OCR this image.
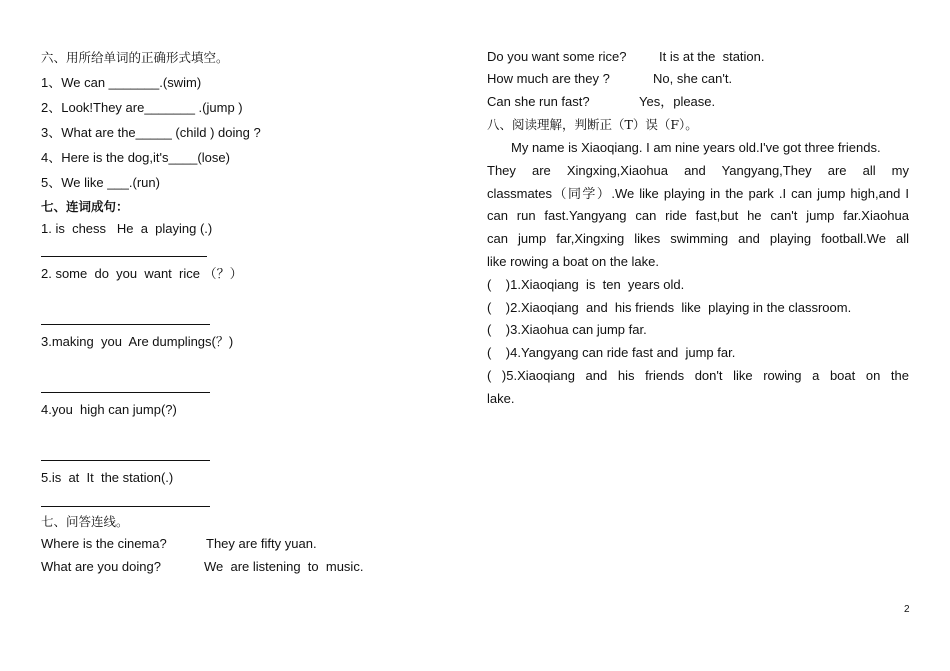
六、用所给单词的正确形式填空。
1、We can _______.(swim)
2、Look!They are_______ .(jump )
3、What are the_____ (child ) doing ?
4、Here is the dog,it's____(lose)
5、We like ___.(run)
七、连词成句：
1. is  chess   He  a  playing (.)
2. some  do  you  want  rice （？）
3.making  you  Are dumplings(？)
4.you  high can jump(?)
5.is  at  It  the station(.)
七、问答连线。
Where is the cinema?	They are fifty yuan.
What are you doing?	We  are listening  to  music.
Do you want some rice?	It is at the  station.
How much are they ?	No, she can't.
Can she run fast?	Yes，please.
八、阅读理解，判断正（T）误（F）。
My name is Xiaoqiang. I am nine years old.I've got three friends.
They are Xingxing,Xiaohua and Yangyang,They are all my
classmates（同学）.We like playing in the park .I can jump high,and I
can run fast.Yangyang can ride fast,but he can't jump far.Xiaohua
can jump far,Xingxing likes swimming and playing football.We all
like rowing a boat on the lake.
(    )1.Xiaoqiang  is  ten  years old.
(    )2.Xiaoqiang  and  his friends  like  playing in the classroom.
(    )3.Xiaohua can jump far.
(    )4.Yangyang can ride fast and  jump far.
( )5.Xiaoqiang and his friends don't like rowing a boat on the
lake.
2
